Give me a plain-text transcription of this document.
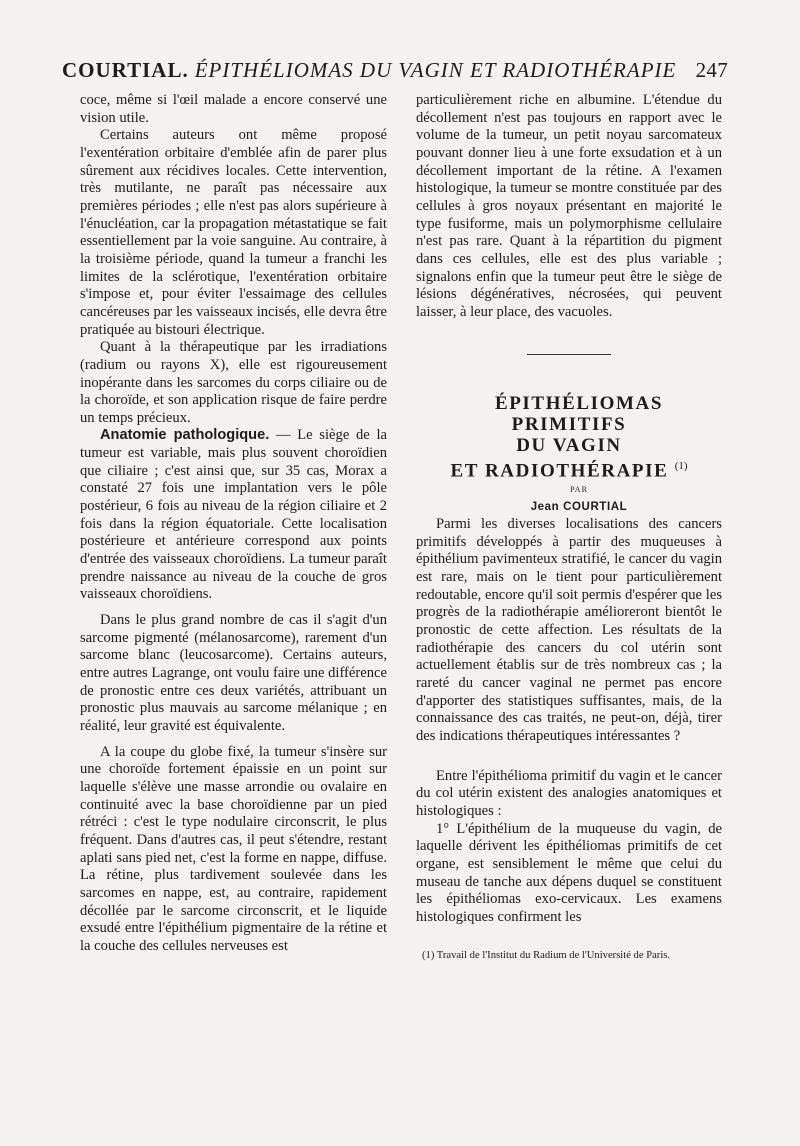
COURTIAL. ÉPITHÉLIOMAS DU VAGIN ET RADIOTHÉRAPIE 247

coce, même si l'œil malade a encore conservé une vision utile.

Certains auteurs ont même proposé l'exentération orbitaire d'emblée afin de parer plus sûrement aux récidives locales. Cette intervention, très mutilante, ne paraît pas nécessaire aux premières périodes ; elle n'est pas alors supérieure à l'énucléation, car la propagation métastatique se fait essentiellement par la voie sanguine. Au contraire, à la troisième période, quand la tumeur a franchi les limites de la sclérotique, l'exentération orbitaire s'impose et, pour éviter l'essaimage des cellules cancéreuses par les vaisseaux incisés, elle devra être pratiquée au bistouri électrique.

Quant à la thérapeutique par les irradiations (radium ou rayons X), elle est rigoureusement inopérante dans les sarcomes du corps ciliaire ou de la choroïde, et son application risque de faire perdre un temps précieux.

Anatomie pathologique. — Le siège de la tumeur est variable, mais plus souvent choroïdien que ciliaire ; c'est ainsi que, sur 35 cas, Morax a constaté 27 fois une implantation vers le pôle postérieur, 6 fois au niveau de la région ciliaire et 2 fois dans la région équatoriale. Cette localisation postérieure et antérieure correspond aux points d'entrée des vaisseaux choroïdiens. La tumeur paraît prendre naissance au niveau de la couche de gros vaisseaux choroïdiens.

Dans le plus grand nombre de cas il s'agit d'un sarcome pigmenté (mélanosarcome), rarement d'un sarcome blanc (leucosarcome). Certains auteurs, entre autres Lagrange, ont voulu faire une différence de pronostic entre ces deux variétés, attribuant un pronostic plus mauvais au sarcome mélanique ; en réalité, leur gravité est équivalente.

A la coupe du globe fixé, la tumeur s'insère sur une choroïde fortement épaissie en un point sur laquelle s'élève une masse arrondie ou ovalaire en continuité avec la base choroïdienne par un pied rétréci : c'est le type nodulaire circonscrit, le plus fréquent. Dans d'autres cas, il peut s'étendre, restant aplati sans pied net, c'est la forme en nappe, diffuse. La rétine, plus tardivement soulevée dans les sarcomes en nappe, est, au contraire, rapidement décollée par le sarcome circonscrit, et le liquide exsudé entre l'épithélium pigmentaire de la rétine et la couche des cellules nerveuses est

particulièrement riche en albumine. L'étendue du décollement n'est pas toujours en rapport avec le volume de la tumeur, un petit noyau sarcomateux pouvant donner lieu à une forte exsudation et à un décollement important de la rétine. A l'examen histologique, la tumeur se montre constituée par des cellules à gros noyaux présentant en majorité le type fusiforme, mais un polymorphisme cellulaire n'est pas rare. Quant à la répartition du pigment dans ces cellules, elle est des plus variable ; signalons enfin que la tumeur peut être le siège de lésions dégénératives, nécrosées, qui peuvent laisser, à leur place, des vacuoles.

ÉPITHÉLIOMAS PRIMITIFS
DU VAGIN
ET RADIOTHÉRAPIE $^{(1)}$

PAR

Jean COURTIAL

Parmi les diverses localisations des cancers primitifs développés à partir des muqueuses à épithélium pavimenteux stratifié, le cancer du vagin est rare, mais on le tient pour particulièrement redoutable, encore qu'il soit permis d'espérer que les progrès de la radiothérapie amélioreront bientôt le pronostic de cette affection. Les résultats de la radiothérapie des cancers du col utérin sont actuellement établis sur de très nombreux cas ; la rareté du cancer vaginal ne permet pas encore d'apporter des statistiques suffisantes, mais, de la connaissance des cas traités, ne peut-on, déjà, tirer des indications thérapeutiques intéressantes ?

Entre l'épithélioma primitif du vagin et le cancer du col utérin existent des analogies anatomiques et histologiques :

1° L'épithélium de la muqueuse du vagin, de laquelle dérivent les épithéliomas primitifs de cet organe, est sensiblement le même que celui du museau de tanche aux dépens duquel se constituent les épithéliomas exo-cervicaux. Les examens histologiques confirment les

(1) Travail de l'Institut du Radium de l'Université de Paris.
